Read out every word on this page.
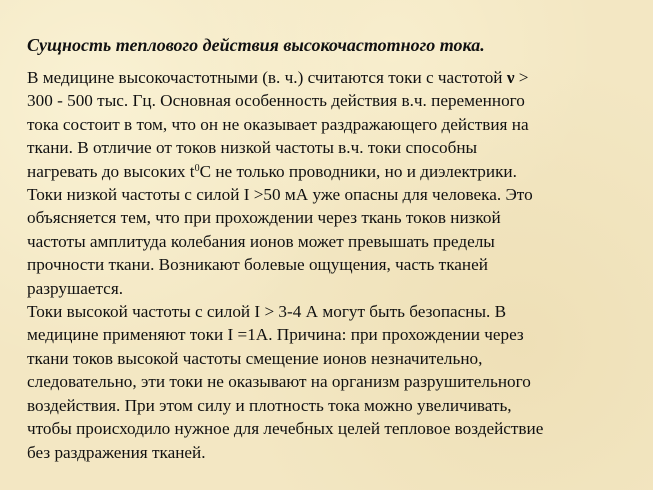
Сущность теплового действия высокочастотного тока.
В медицине высокочастотными (в. ч.) считаются токи с частотой ν >
300 - 500 тыс. Гц. Основная особенность действия в.ч. переменного
тока состоит в том, что он не оказывает раздражающего действия на
ткани. В отличие от токов низкой частоты в.ч. токи способны
нагревать до высоких $t^0С$ не только проводники, но и диэлектрики.
Токи низкой частоты с силой I >50 мА уже опасны для человека. Это
объясняется тем, что при прохождении через ткань токов низкой
частоты амплитуда колебания ионов может превышать пределы
прочности ткани. Возникают болевые ощущения, часть тканей
разрушается.
Токи высокой частоты с силой I > 3-4 А могут быть безопасны. В
медицине применяют токи I =1А. Причина: при прохождении через
ткани токов высокой частоты смещение ионов незначительно,
следовательно, эти токи не оказывают на организм разрушительного
воздействия. При этом силу и плотность тока можно увеличивать,
чтобы происходило нужное для лечебных целей тепловое воздействие
без раздражения тканей.
